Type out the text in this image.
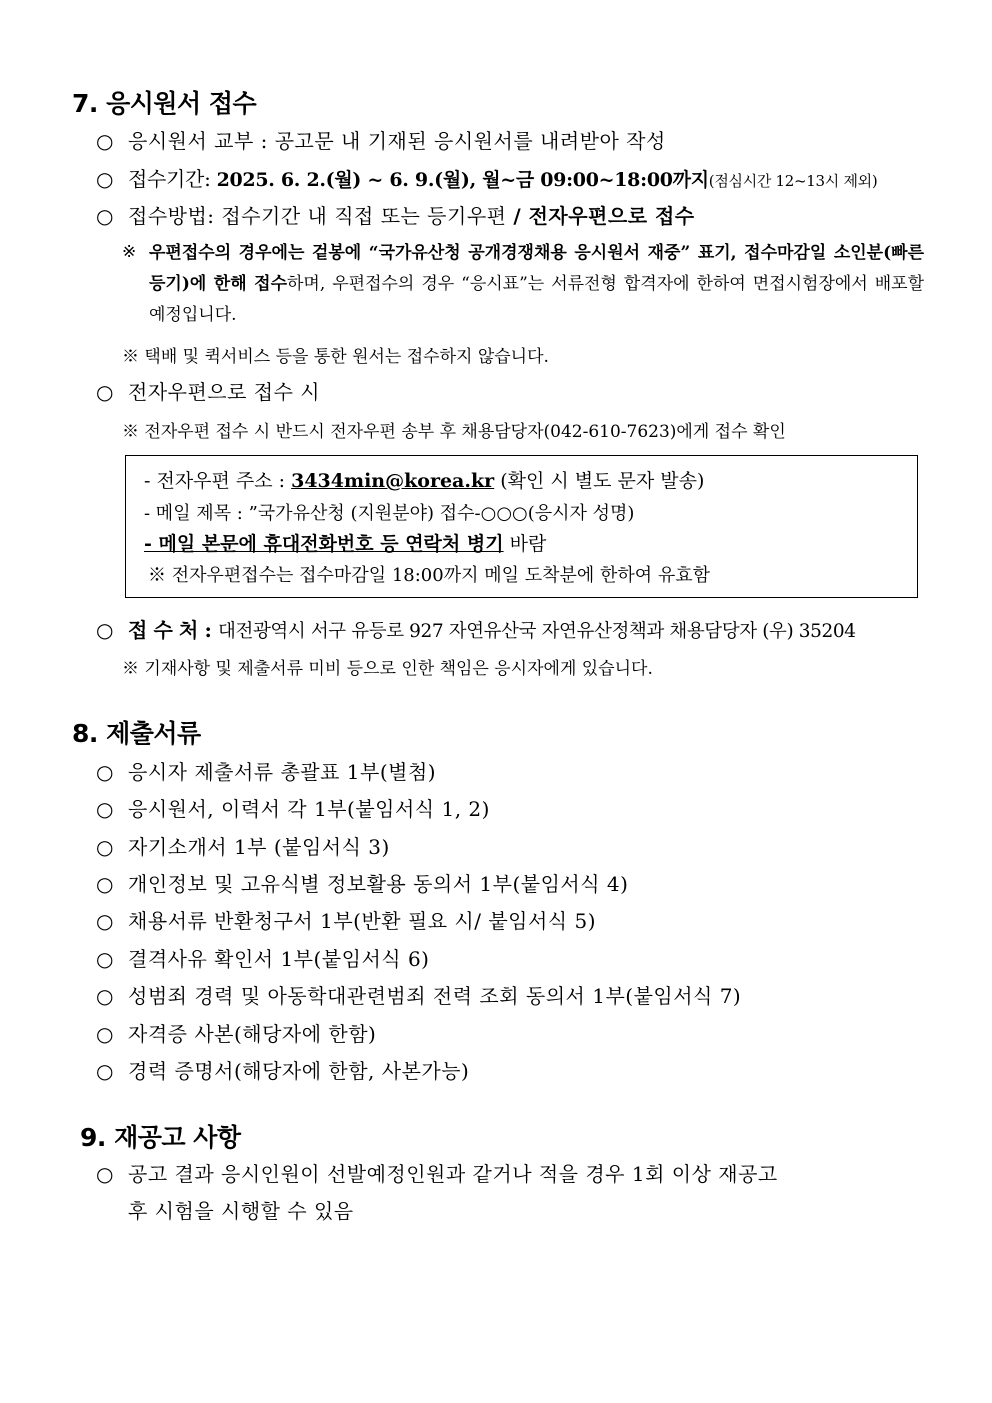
7. 응시원서 접수
○ 응시원서 교부 : 공고문 내 기재된 응시원서를 내려받아 작성
○ 접수기간: 2025. 6. 2.(월) ~ 6. 9.(월), 월~금 09:00~18:00까지(점심시간 12~13시 제외)
○ 접수방법: 접수기간 내 직접 또는 등기우편 / 전자우편으로 접수
※ 우편접수의 경우에는 겉봉에 “국가유산청 공개경쟁채용 응시원서 재중” 표기, 접수마감일 소인분(빠른 등기)에 한해 접수하며, 우편접수의 경우 “응시표”는 서류전형 합격자에 한하여 면접시험장에서 배포할 예정입니다.
※ 택배 및 퀵서비스 등을 통한 원서는 접수하지 않습니다.
○ 전자우편으로 접수 시
※ 전자우편 접수 시 반드시 전자우편 송부 후 채용담당자(042-610-7623)에게 접수 확인
- 전자우편 주소 : 3434min@korea.kr (확인 시 별도 문자 발송)
- 메일 제목 : ”국가유산청 (지원분야) 접수-○○○(응시자 성명)
- 메일 본문에 휴대전화번호 등 연락처 병기 바람
※ 전자우편접수는 접수마감일 18:00까지 메일 도착분에 한하여 유효함
○ 접 수 처 : 대전광역시 서구 유등로 927 자연유산국 자연유산정책과 채용담당자 (우) 35204
※ 기재사항 및 제출서류 미비 등으로 인한 책임은 응시자에게 있습니다.
8. 제출서류
○ 응시자 제출서류 총괄표 1부(별첨)
○ 응시원서, 이력서 각 1부(붙임서식 1, 2)
○ 자기소개서 1부 (붙임서식 3)
○ 개인정보 및 고유식별 정보활용 동의서 1부(붙임서식 4)
○ 채용서류 반환청구서 1부(반환 필요 시/ 붙임서식 5)
○ 결격사유 확인서 1부(붙임서식 6)
○ 성범죄 경력 및 아동학대관련범죄 전력 조회 동의서 1부(붙임서식 7)
○ 자격증 사본(해당자에 한함)
○ 경력 증명서(해당자에 한함, 사본가능)
9. 재공고 사항
○ 공고 결과 응시인원이 선발예정인원과 같거나 적을 경우 1회 이상 재공고
후 시험을 시행할 수 있음
